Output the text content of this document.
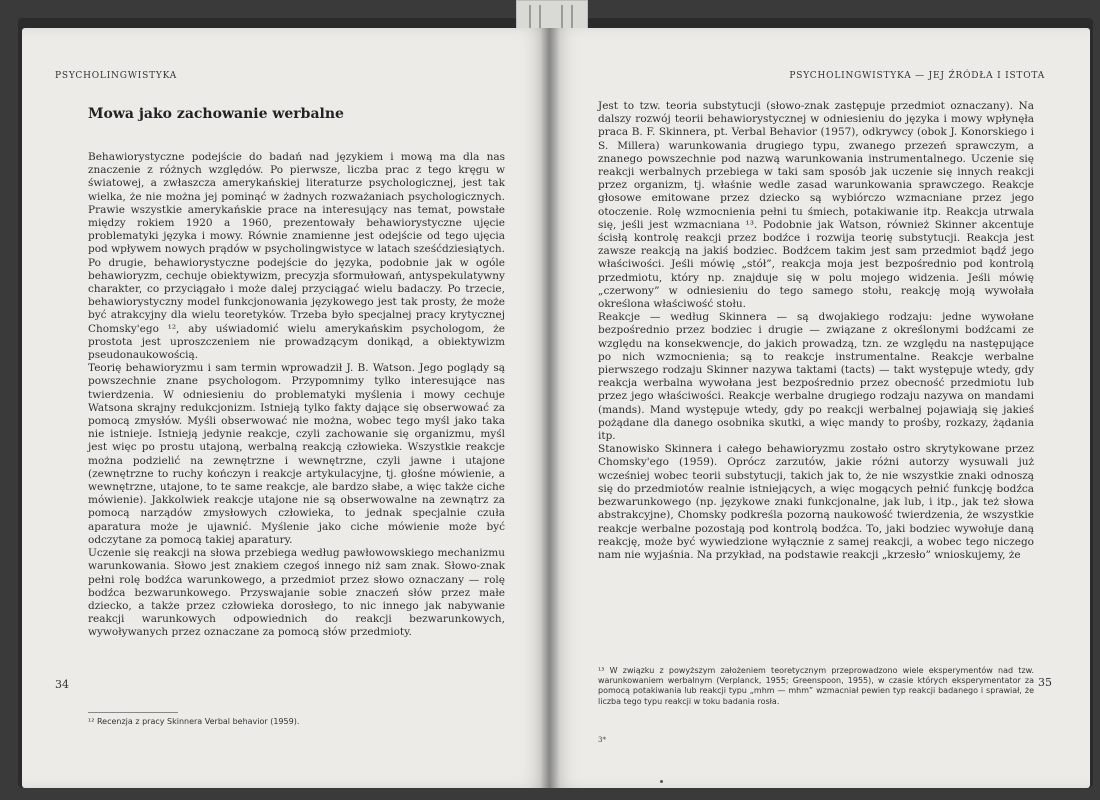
PSYCHOLINGWISTYKA
Mowa jako zachowanie werbalne

Behawiorystyczne podejście do badań nad językiem i mową ma dla nas znaczenie z różnych względów. Po pierwsze, liczba prac z tego kręgu w światowej, a zwłaszcza amerykańskiej literaturze psychologicznej, jest tak wielka, że nie można jej pominąć w żadnych rozważaniach psychologicznych. Prawie wszystkie amerykańskie prace na interesujący nas temat, powstałe między rokiem 1920 a 1960, prezentowały behawiorystyczne ujęcie problematyki języka i mowy. Równie znamienne jest odejście od tego ujęcia pod wpływem nowych prądów w psycholingwistyce w latach sześćdziesiątych. Po drugie, behawiorystyczne podejście do języka, podobnie jak w ogóle behawioryzm, cechuje obiektywizm, precyzja sformułowań, antyspekulatywny charakter, co przyciągało i może dalej przyciągać wielu badaczy. Po trzecie, behawiorystyczny model funkcjonowania językowego jest tak prosty, że może być atrakcyjny dla wielu teoretyków. Trzeba było specjalnej pracy krytycznej Chomsky'ego ¹², aby uświadomić wielu amerykańskim psychologom, że prostota jest uproszczeniem nie prowadzącym donikąd, a obiektywizm pseudonaukowością.

Teorię behawioryzmu i sam termin wprowadził J. B. Watson. Jego poglądy są powszechnie znane psychologom. Przypomnimy tylko interesujące nas twierdzenia. W odniesieniu do problematyki myślenia i mowy cechuje Watsona skrajny redukcjonizm. Istnieją tylko fakty dające się obserwować za pomocą zmysłów. Myśli obserwować nie można, wobec tego myśl jako taka nie istnieje. Istnieją jedynie reakcje, czyli zachowanie się organizmu, myśl jest więc po prostu utajoną, werbalną reakcją człowieka. Wszystkie reakcje można podzielić na zewnętrzne i wewnętrzne, czyli jawne i utajone (zewnętrzne to ruchy kończyn i reakcje artykulacyjne, tj. głośne mówienie, a wewnętrzne, utajone, to te same reakcje, ale bardzo słabe, a więc także ciche mówienie). Jakkolwiek reakcje utajone nie są obserwowalne na zewnątrz za pomocą narządów zmysłowych człowieka, to jednak specjalnie czuła aparatura może je ujawnić. Myślenie jako ciche mówienie może być odczytane za pomocą takiej aparatury.

Uczenie się reakcji na słowa przebiega według pawłowowskiego mechanizmu warunkowania. Słowo jest znakiem czegoś innego niż sam znak. Słowo-znak pełni rolę bodźca warunkowego, a przedmiot przez słowo oznaczany — rolę bodźca bezwarunkowego. Przyswajanie sobie znaczeń słów przez małe dziecko, a także przez człowieka dorosłego, to nic innego jak nabywanie reakcji warunkowych odpowiednich do reakcji bezwarunkowych, wywoływanych przez oznaczane za pomocą słów przedmioty.

34
¹² Recenzja z pracy Skinnera Verbal behavior (1959).
PSYCHOLINGWISTYKA — JEJ ŹRÓDŁA I ISTOTA

Jest to tzw. teoria substytucji (słowo-znak zastępuje przedmiot oznaczany). Na dalszy rozwój teorii behawiorystycznej w odniesieniu do języka i mowy wpłynęła praca B. F. Skinnera, pt. Verbal Behavior (1957), odkrywcy (obok J. Konorskiego i S. Millera) warunkowania drugiego typu, zwanego przezeń sprawczym, a znanego powszechnie pod nazwą warunkowania instrumentalnego. Uczenie się reakcji werbalnych przebiega w taki sam sposób jak uczenie się innych reakcji przez organizm, tj. właśnie wedle zasad warunkowania sprawczego. Reakcje głosowe emitowane przez dziecko są wybiórczo wzmacniane przez jego otoczenie. Rolę wzmocnienia pełni tu śmiech, potakiwanie itp. Reakcja utrwala się, jeśli jest wzmacniana ¹³. Podobnie jak Watson, również Skinner akcentuje ścisłą kontrolę reakcji przez bodźce i rozwija teorię substytucji. Reakcja jest zawsze reakcją na jakiś bodziec. Bodźcem takim jest sam przedmiot bądź jego właściwości. Jeśli mówię „stół”, reakcja moja jest bezpośrednio pod kontrolą przedmiotu, który np. znajduje się w polu mojego widzenia. Jeśli mówię „czerwony” w odniesieniu do tego samego stołu, reakcję moją wywołała określona właściwość stołu.

Reakcje — według Skinnera — są dwojakiego rodzaju: jedne wywołane bezpośrednio przez bodziec i drugie — związane z określonymi bodźcami ze względu na konsekwencje, do jakich prowadzą, tzn. ze względu na następujące po nich wzmocnienia; są to reakcje instrumentalne. Reakcje werbalne pierwszego rodzaju Skinner nazywa taktami (tacts) — takt występuje wtedy, gdy reakcja werbalna wywołana jest bezpośrednio przez obecność przedmiotu lub przez jego właściwości. Reakcje werbalne drugiego rodzaju nazywa on mandami (mands). Mand występuje wtedy, gdy po reakcji werbalnej pojawiają się jakieś pożądane dla danego osobnika skutki, a więc mandy to prośby, rozkazy, żądania itp.

Stanowisko Skinnera i całego behawioryzmu zostało ostro skrytykowane przez Chomsky'ego (1959). Oprócz zarzutów, jakie różni autorzy wysuwali już wcześniej wobec teorii substytucji, takich jak to, że nie wszystkie znaki odnoszą się do przedmiotów realnie istniejących, a więc mogących pełnić funkcję bodźca bezwarunkowego (np. językowe znaki funkcjonalne, jak lub, i itp., jak też słowa abstrakcyjne), Chomsky podkreśla pozorną naukowość twierdzenia, że wszystkie reakcje werbalne pozostają pod kontrolą bodźca. To, jaki bodziec wywołuje daną reakcję, może być wywiedzione wyłącznie z samej reakcji, a wobec tego niczego nam nie wyjaśnia. Na przykład, na podstawie reakcji „krzesło” wnioskujemy, że

¹³ W związku z powyższym założeniem teoretycznym przeprowadzono wiele eksperymentów nad tzw. warunkowaniem werbalnym (Verplanck, 1955; Greenspoon, 1955), w czasie których eksperymentator za pomocą potakiwania lub reakcji typu „mhm — mhm” wzmacniał pewien typ reakcji badanego i sprawiał, że liczba tego typu reakcji w toku badania rosła.
35
3*
